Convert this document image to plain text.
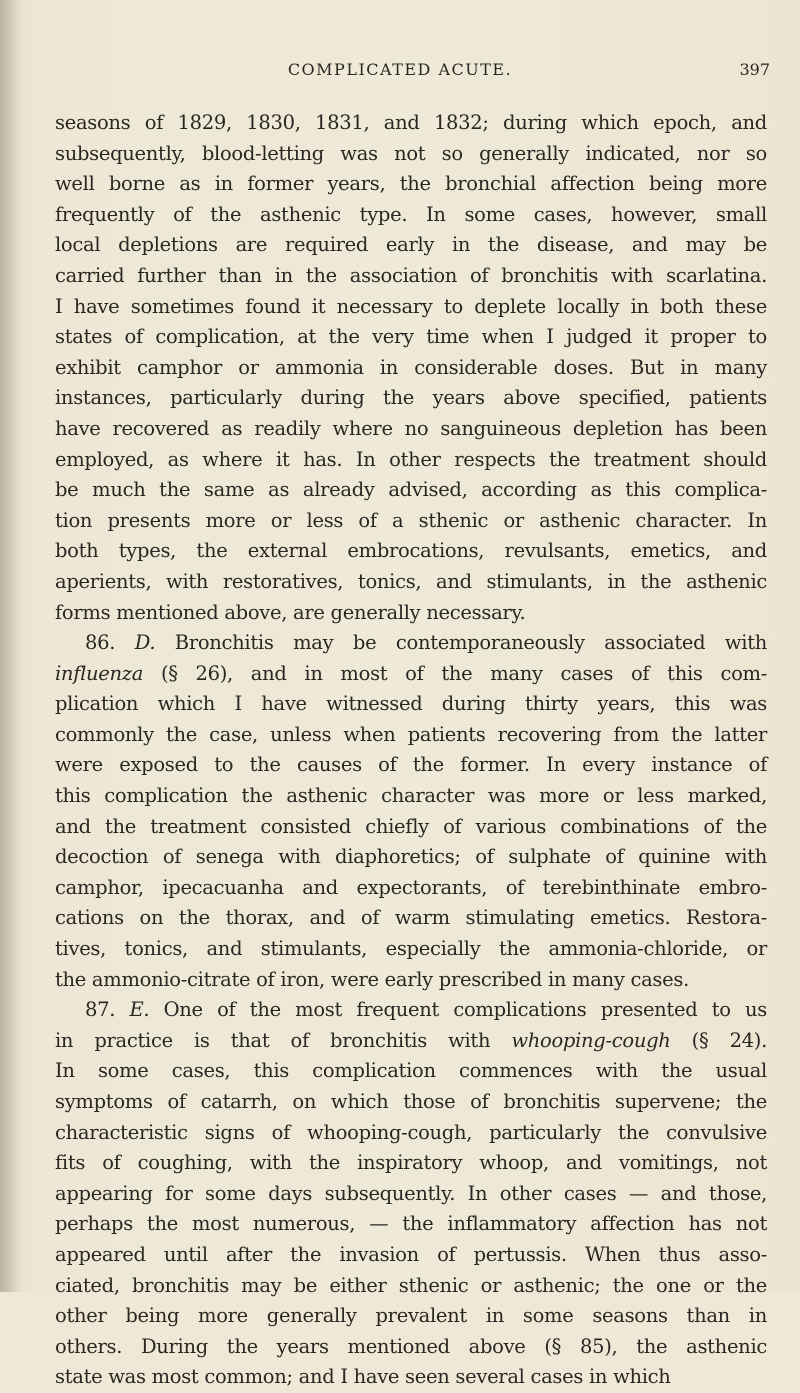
COMPLICATED ACUTE.	397
seasons of 1829, 1830, 1831, and 1832; during which epoch, and
subsequently, blood-letting was not so generally indicated, nor so
well borne as in former years, the bronchial affection being more
frequently of the asthenic type. In some cases, however, small
local depletions are required early in the disease, and may be
carried further than in the association of bronchitis with scarlatina.
I have sometimes found it necessary to deplete locally in both these
states of complication, at the very time when I judged it proper to
exhibit camphor or ammonia in considerable doses. But in many
instances, particularly during the years above specified, patients
have recovered as readily where no sanguineous depletion has been
employed, as where it has. In other respects the treatment should
be much the same as already advised, according as this complica-
tion presents more or less of a sthenic or asthenic character. In
both types, the external embrocations, revulsants, emetics, and
aperients, with restoratives, tonics, and stimulants, in the asthenic
forms mentioned above, are generally necessary.
86. D. Bronchitis may be contemporaneously associated with
influenza (§ 26), and in most of the many cases of this com-
plication which I have witnessed during thirty years, this was
commonly the case, unless when patients recovering from the latter
were exposed to the causes of the former. In every instance of
this complication the asthenic character was more or less marked,
and the treatment consisted chiefly of various combinations of the
decoction of senega with diaphoretics; of sulphate of quinine with
camphor, ipecacuanha and expectorants, of terebinthinate embro-
cations on the thorax, and of warm stimulating emetics. Restora-
tives, tonics, and stimulants, especially the ammonia-chloride, or
the ammonio-citrate of iron, were early prescribed in many cases.
87. E. One of the most frequent complications presented to us
in practice is that of bronchitis with whooping-cough (§ 24).
In some cases, this complication commences with the usual
symptoms of catarrh, on which those of bronchitis supervene; the
characteristic signs of whooping-cough, particularly the convulsive
fits of coughing, with the inspiratory whoop, and vomitings, not
appearing for some days subsequently. In other cases — and those,
perhaps the most numerous, — the inflammatory affection has not
appeared until after the invasion of pertussis. When thus asso-
ciated, bronchitis may be either sthenic or asthenic; the one or the
other being more generally prevalent in some seasons than in
others. During the years mentioned above (§ 85), the asthenic
state was most common; and I have seen several cases in which
